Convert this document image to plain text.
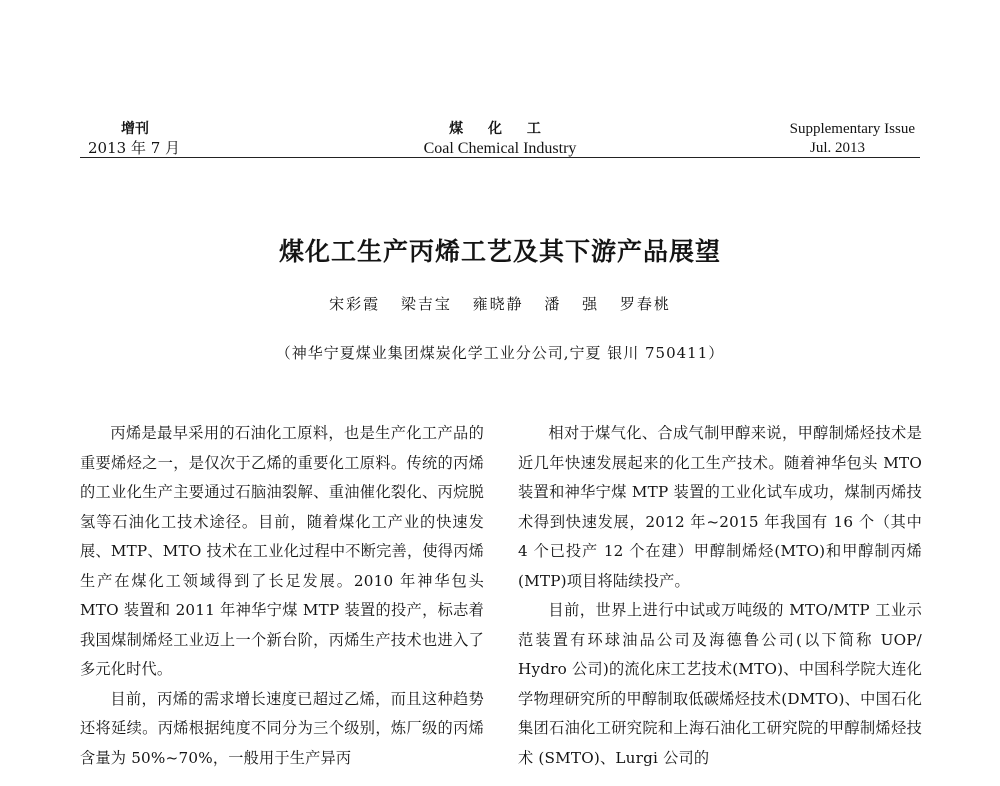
增刊
2013 年 7 月
煤 化 工
Coal Chemical Industry
Supplementary Issue
Jul. 2013
煤化工生产丙烯工艺及其下游产品展望
宋彩霞 梁吉宝 雍晓静 潘 强 罗春桃
（神华宁夏煤业集团煤炭化学工业分公司,宁夏 银川 750411）

丙烯是最早采用的石油化工原料，也是生产化工产品的重要烯烃之一，是仅次于乙烯的重要化工原料。传统的丙烯的工业化生产主要通过石脑油裂解、重油催化裂化、丙烷脱氢等石油化工技术途径。目前，随着煤化工产业的快速发展、MTP、MTO 技术在工业化过程中不断完善，使得丙烯生产在煤化工领域得到了长足发展。2010 年神华包头 MTO 装置和 2011 年神华宁煤 MTP 装置的投产，标志着我国煤制烯烃工业迈上一个新台阶，丙烯生产技术也进入了多元化时代。

目前，丙烯的需求增长速度已超过乙烯，而且这种趋势还将延续。丙烯根据纯度不同分为三个级别，炼厂级的丙烯含量为 50%~70%，一般用于生产异丙

相对于煤气化、合成气制甲醇来说，甲醇制烯烃技术是近几年快速发展起来的化工生产技术。随着神华包头 MTO 装置和神华宁煤 MTP 装置的工业化试车成功，煤制丙烯技术得到快速发展，2012 年~2015 年我国有 16 个（其中 4 个已投产 12 个在建）甲醇制烯烃(MTO)和甲醇制丙烯(MTP)项目将陆续投产。

目前，世界上进行中试或万吨级的 MTO/MTP 工业示范装置有环球油品公司及海德鲁公司(以下简称 UOP/ Hydro 公司)的流化床工艺技术(MTO)、中国科学院大连化学物理研究所的甲醇制取低碳烯烃技术(DMTO)、中国石化集团石油化工研究院和上海石油化工研究院的甲醇制烯烃技术 (SMTO)、Lurgi 公司的
